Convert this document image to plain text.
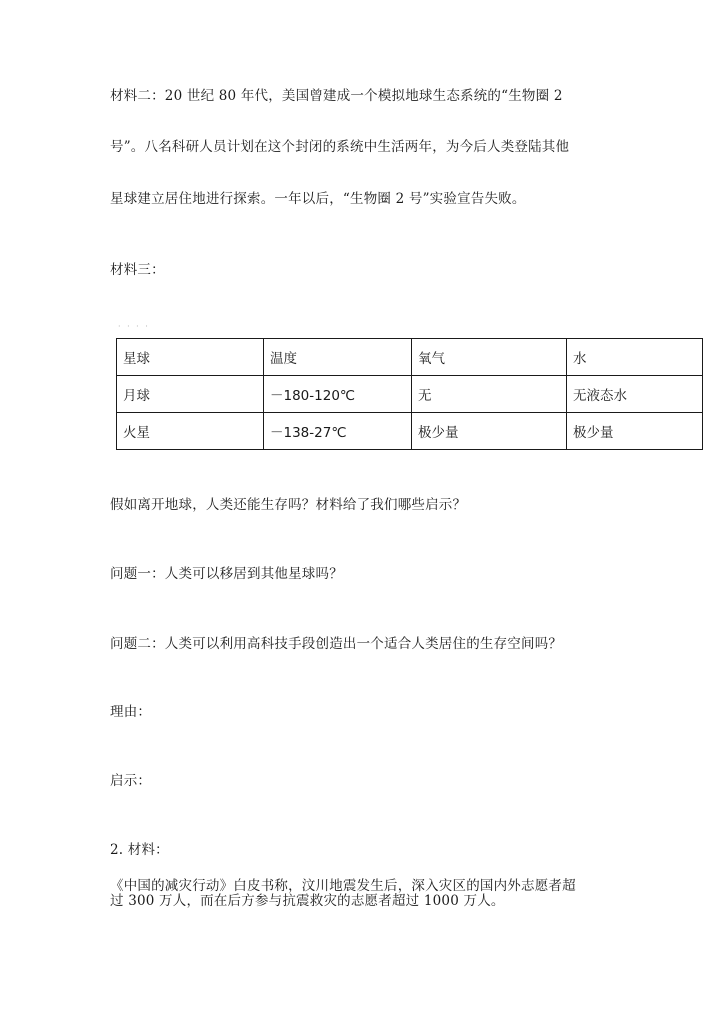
材料二：20 世纪 80 年代，美国曾建成一个模拟地球生态系统的“生物圈 2
号”。八名科研人员计划在这个封闭的系统中生活两年，为今后人类登陆其他
星球建立居住地进行探索。一年以后，“生物圈 2 号”实验宣告失败。
材料三：
· · · ·
星球	温度	氧气	水
月球	－180-120℃	无	无液态水
火星	－138-27℃	极少量	极少量
假如离开地球，人类还能生存吗？材料给了我们哪些启示？
问题一：人类可以移居到其他星球吗？
问题二：人类可以利用高科技手段创造出一个适合人类居住的生存空间吗？
理由：
启示：
2. 材料：
《中国的减灾行动》白皮书称，汶川地震发生后，深入灾区的国内外志愿者超
过 300 万人，而在后方参与抗震救灾的志愿者超过 1000 万人。
